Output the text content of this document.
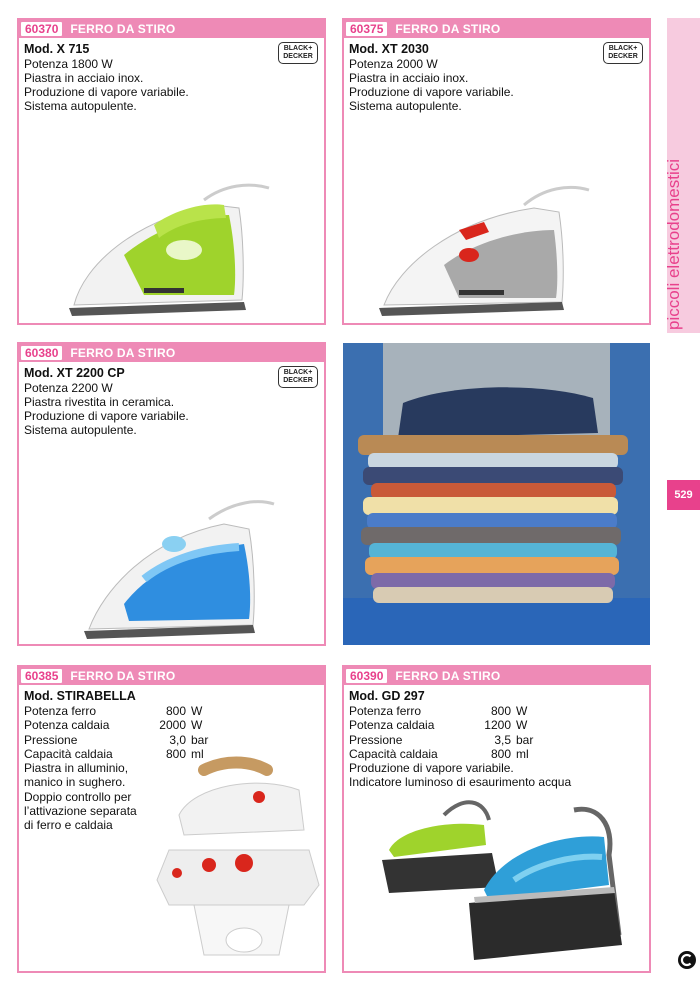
60370	FERRO DA STIRO
Mod. X 715	BLACK+ DECKER
Potenza 1800 W
Piastra in acciaio inox.
Produzione di vapore variabile.
Sistema autopulente.
60375	FERRO DA STIRO
Mod. XT 2030	BLACK+ DECKER
Potenza 2000 W
Piastra in acciaio inox.
Produzione di vapore variabile.
Sistema autopulente.
60380	FERRO DA STIRO
Mod. XT 2200 CP	BLACK+ DECKER
Potenza 2200 W
Piastra rivestita in ceramica.
Produzione di vapore variabile.
Sistema autopulente.
60385	FERRO DA STIRO
Mod. STIRABELLA
Potenza ferro	800 W
Potenza caldaia	2000 W
Pressione	3,0 bar
Capacità caldaia	800 ml
Piastra in alluminio,
manico in sughero.
Doppio controllo per
l’attivazione separata
di ferro e caldaia
60390	FERRO DA STIRO
Mod. GD 297
Potenza ferro	800 W
Potenza caldaia	1200 W
Pressione	3,5 bar
Capacità caldaia	800 ml
Produzione di vapore variabile.
Indicatore luminoso di esaurimento acqua
piccoli elettrodomestici
529
